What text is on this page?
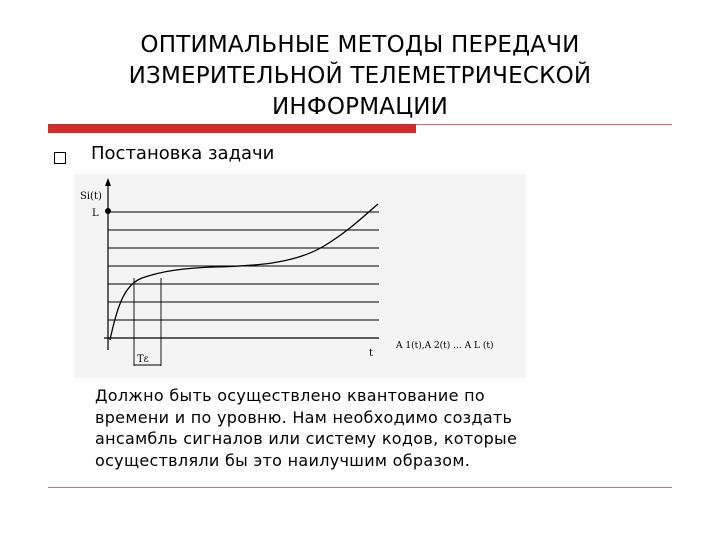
ОПТИМАЛЬНЫЕ МЕТОДЫ ПЕРЕДАЧИ
ИЗМЕРИТЕЛЬНОЙ ТЕЛЕМЕТРИЧЕСКОЙ
ИНФОРМАЦИИ
Постановка задачи
Si(t)
L
t
Tε
A 1(t),A 2(t) ... A L (t)
Должно быть осуществлено квантование по
времени и по уровню. Нам необходимо создать
ансамбль сигналов или систему кодов, которые
осуществляли бы это наилучшим образом.
